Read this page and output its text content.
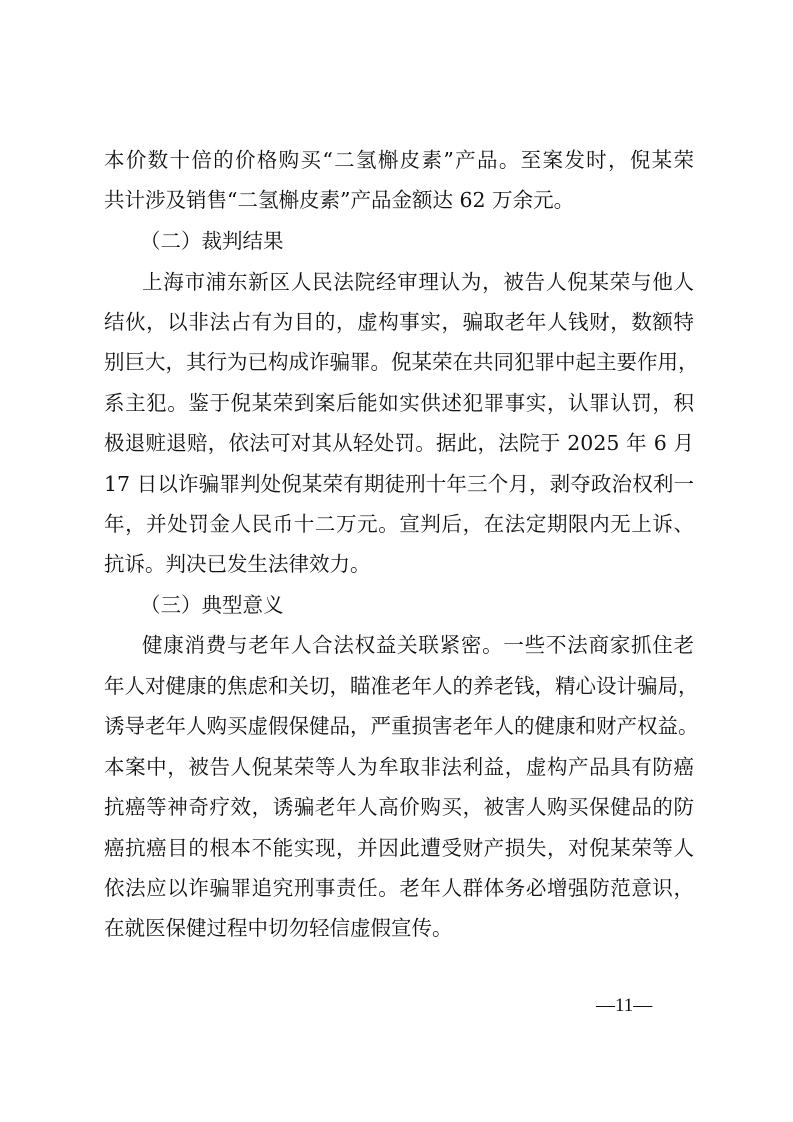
本价数十倍的价格购买“二氢槲皮素”产品。至案发时，倪某荣
共计涉及销售“二氢槲皮素”产品金额达 62 万余元。
（二）裁判结果
上海市浦东新区人民法院经审理认为，被告人倪某荣与他人
结伙，以非法占有为目的，虚构事实，骗取老年人钱财，数额特
别巨大，其行为已构成诈骗罪。倪某荣在共同犯罪中起主要作用，
系主犯。鉴于倪某荣到案后能如实供述犯罪事实，认罪认罚，积
极退赃退赔，依法可对其从轻处罚。据此，法院于 2025 年 6 月
17 日以诈骗罪判处倪某荣有期徒刑十年三个月，剥夺政治权利一
年，并处罚金人民币十二万元。宣判后，在法定期限内无上诉、
抗诉。判决已发生法律效力。
（三）典型意义
健康消费与老年人合法权益关联紧密。一些不法商家抓住老
年人对健康的焦虑和关切，瞄准老年人的养老钱，精心设计骗局，
诱导老年人购买虚假保健品，严重损害老年人的健康和财产权益。
本案中，被告人倪某荣等人为牟取非法利益，虚构产品具有防癌
抗癌等神奇疗效，诱骗老年人高价购买，被害人购买保健品的防
癌抗癌目的根本不能实现，并因此遭受财产损失，对倪某荣等人
依法应以诈骗罪追究刑事责任。老年人群体务必增强防范意识，
在就医保健过程中切勿轻信虚假宣传。
—11—
